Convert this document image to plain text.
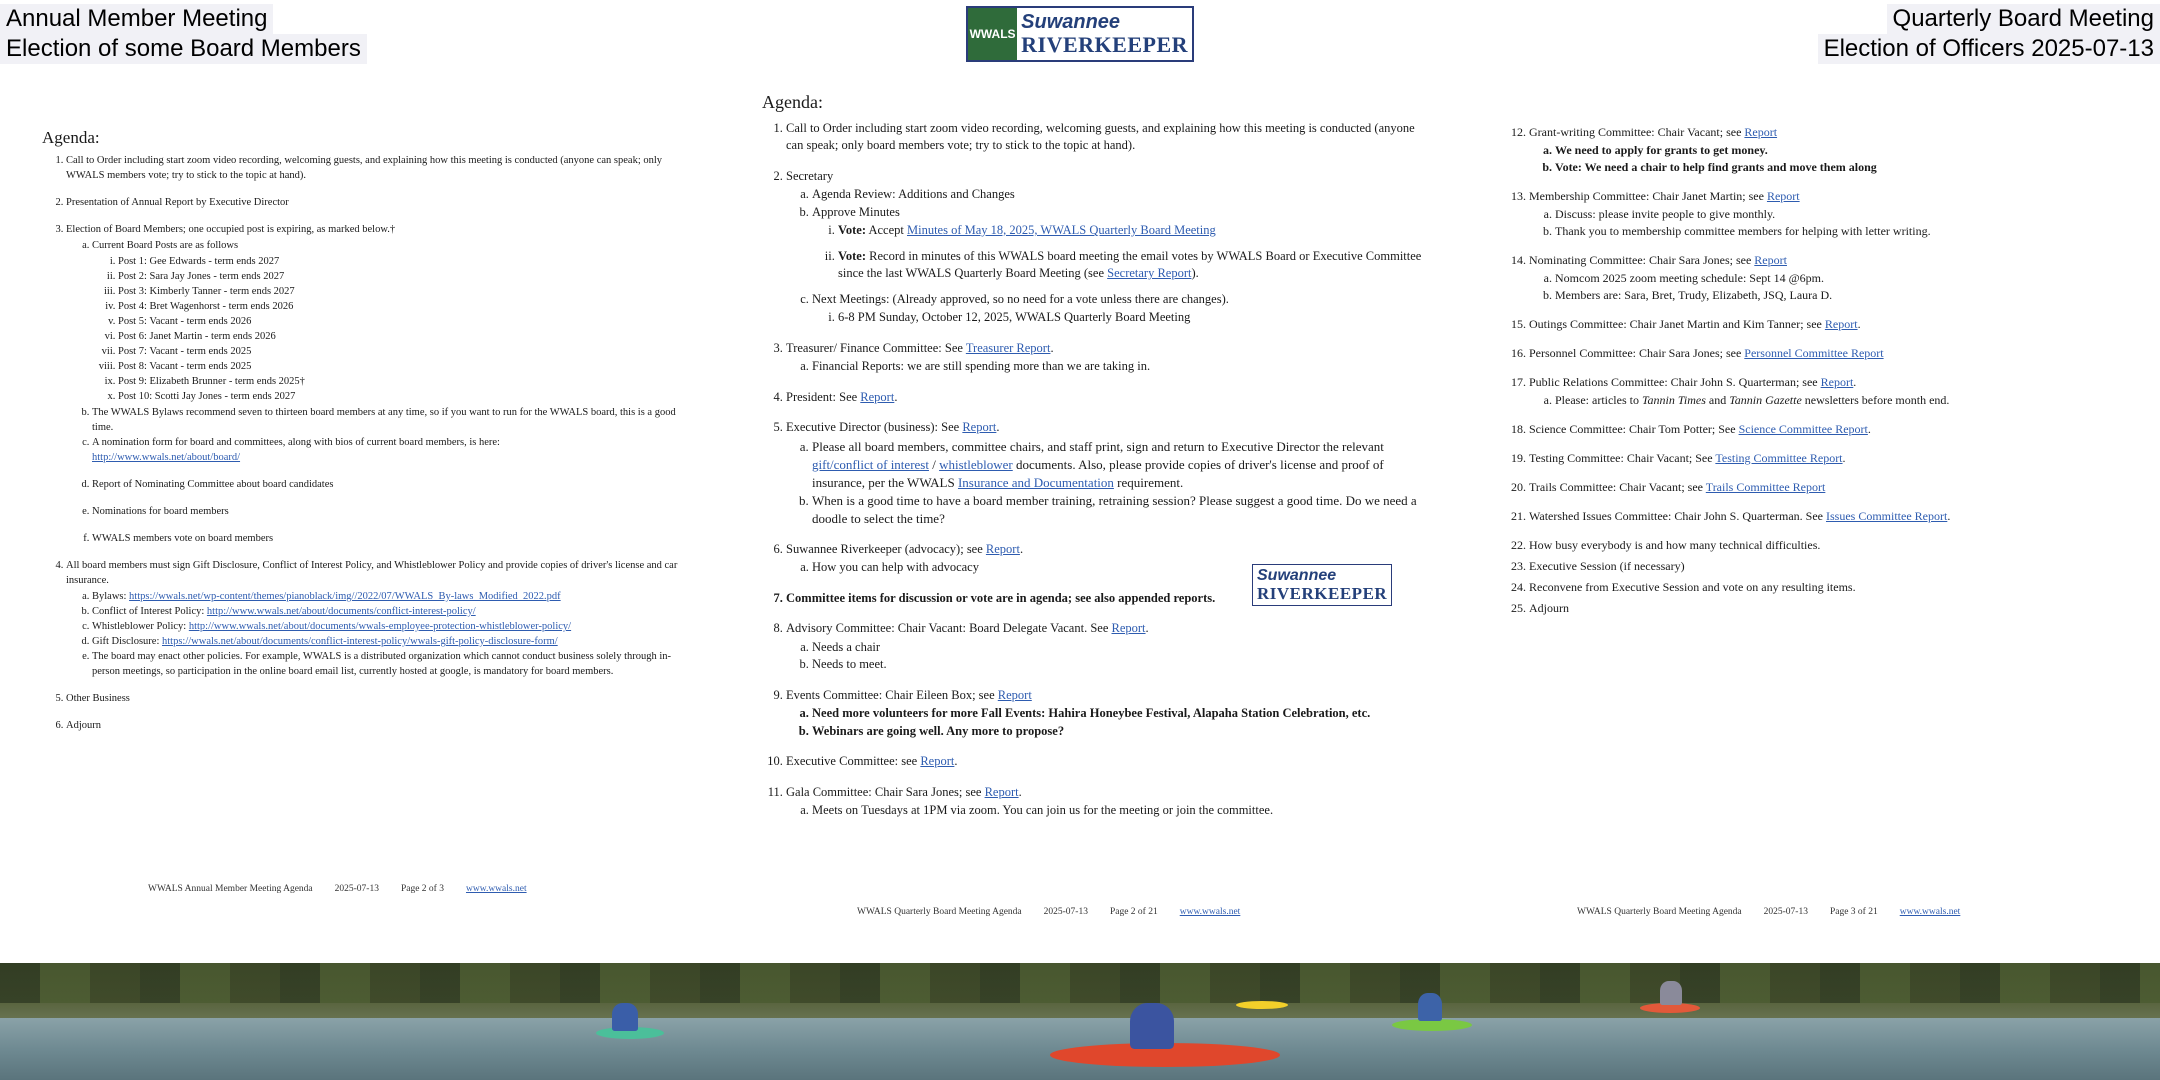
Annual Member Meeting
Election of some Board Members
Quarterly Board Meeting
Election of Officers 2025-07-13
WWALS
Suwannee
RIVERKEEPER
Agenda:
1. Call to Order including start zoom video recording, welcoming guests, and explaining how this meeting is conducted (anyone can speak; only WWALS members vote; try to stick to the topic at hand).
2. Presentation of Annual Report by Executive Director
3. Election of Board Members; one occupied post is expiring, as marked below.†
a. Current Board Posts are as follows
i. Post 1: Gee Edwards - term ends 2027
ii. Post 2: Sara Jay Jones - term ends 2027
iii. Post 3: Kimberly Tanner - term ends 2027
iv. Post 4: Bret Wagenhorst - term ends 2026
v. Post 5: Vacant - term ends 2026
vi. Post 6: Janet Martin - term ends 2026
vii. Post 7: Vacant - term ends 2025
viii. Post 8: Vacant - term ends 2025
ix. Post 9: Elizabeth Brunner - term ends 2025†
x. Post 10: Scotti Jay Jones - term ends 2027
b. The WWALS Bylaws recommend seven to thirteen board members at any time, so if you want to run for the WWALS board, this is a good time.
c. A nomination form for board and committees, along with bios of current board members, is here:
http://www.wwals.net/about/board/
d. Report of Nominating Committee about board candidates
e. Nominations for board members
f. WWALS members vote on board members
4. All board members must sign Gift Disclosure, Conflict of Interest Policy, and Whistleblower Policy and provide copies of driver's license and car insurance.
a. Bylaws: https://wwals.net/wp-content/themes/pianoblack/img//2022/07/WWALS_By-laws_Modified_2022.pdf
b. Conflict of Interest Policy: http://www.wwals.net/about/documents/conflict-interest-policy/
c. Whistleblower Policy: http://www.wwals.net/about/documents/wwals-employee-protection-whistleblower-policy/
d. Gift Disclosure: https://wwals.net/about/documents/conflict-interest-policy/wwals-gift-policy-disclosure-form/
e. The board may enact other policies. For example, WWALS is a distributed organization which cannot conduct business solely through in-person meetings, so participation in the online board email list, currently hosted at google, is mandatory for board members.
5. Other Business
6. Adjourn
WWALS Annual Member Meeting Agenda 2025-07-13 Page 2 of 3 www.wwals.net
Agenda:
1. Call to Order including start zoom video recording, welcoming guests, and explaining how this meeting is conducted (anyone can speak; only board members vote; try to stick to the topic at hand).
2. Secretary
a. Agenda Review: Additions and Changes
b. Approve Minutes
i. Vote: Accept Minutes of May 18, 2025, WWALS Quarterly Board Meeting
ii. Vote: Record in minutes of this WWALS board meeting the email votes by WWALS Board or Executive Committee since the last WWALS Quarterly Board Meeting (see Secretary Report).
c. Next Meetings: (Already approved, so no need for a vote unless there are changes).
i. 6-8 PM Sunday, October 12, 2025, WWALS Quarterly Board Meeting
3. Treasurer/ Finance Committee: See Treasurer Report.
a. Financial Reports: we are still spending more than we are taking in.
4. President: See Report.
5. Executive Director (business): See Report.
a. Please all board members, committee chairs, and staff print, sign and return to Executive Director the relevant gift/conflict of interest / whistleblower documents. Also, please provide copies of driver's license and proof of insurance, per the WWALS Insurance and Documentation requirement.
b. When is a good time to have a board member training, retraining session? Please suggest a good time. Do we need a doodle to select the time?
6. Suwannee Riverkeeper (advocacy); see Report.
a. How you can help with advocacy
7. Committee items for discussion or vote are in agenda; see also appended reports.
8. Advisory Committee: Chair Vacant: Board Delegate Vacant. See Report.
a. Needs a chair
b. Needs to meet.
9. Events Committee: Chair Eileen Box; see Report
a. Need more volunteers for more Fall Events: Hahira Honeybee Festival, Alapaha Station Celebration, etc.
b. Webinars are going well. Any more to propose?
10. Executive Committee: see Report.
11. Gala Committee: Chair Sara Jones; see Report.
a. Meets on Tuesdays at 1PM via zoom. You can join us for the meeting or join the committee.
Suwannee
RIVERKEEPER
WWALS Quarterly Board Meeting Agenda 2025-07-13 Page 2 of 21 www.wwals.net
12. Grant-writing Committee: Chair Vacant; see Report
a. We need to apply for grants to get money.
b. Vote: We need a chair to help find grants and move them along
13. Membership Committee: Chair Janet Martin; see Report
a. Discuss: please invite people to give monthly.
b. Thank you to membership committee members for helping with letter writing.
14. Nominating Committee: Chair Sara Jones; see Report
a. Nomcom 2025 zoom meeting schedule: Sept 14 @6pm.
b. Members are: Sara, Bret, Trudy, Elizabeth, JSQ, Laura D.
15. Outings Committee: Chair Janet Martin and Kim Tanner; see Report.
16. Personnel Committee: Chair Sara Jones; see Personnel Committee Report
17. Public Relations Committee: Chair John S. Quarterman; see Report.
a. Please: articles to Tannin Times and Tannin Gazette newsletters before month end.
18. Science Committee: Chair Tom Potter; See Science Committee Report.
19. Testing Committee: Chair Vacant; See Testing Committee Report.
20. Trails Committee: Chair Vacant; see Trails Committee Report
21. Watershed Issues Committee: Chair John S. Quarterman. See Issues Committee Report.
22. How busy everybody is and how many technical difficulties.
23. Executive Session (if necessary)
24. Reconvene from Executive Session and vote on any resulting items.
25. Adjourn
WWALS Quarterly Board Meeting Agenda 2025-07-13 Page 3 of 21 www.wwals.net
